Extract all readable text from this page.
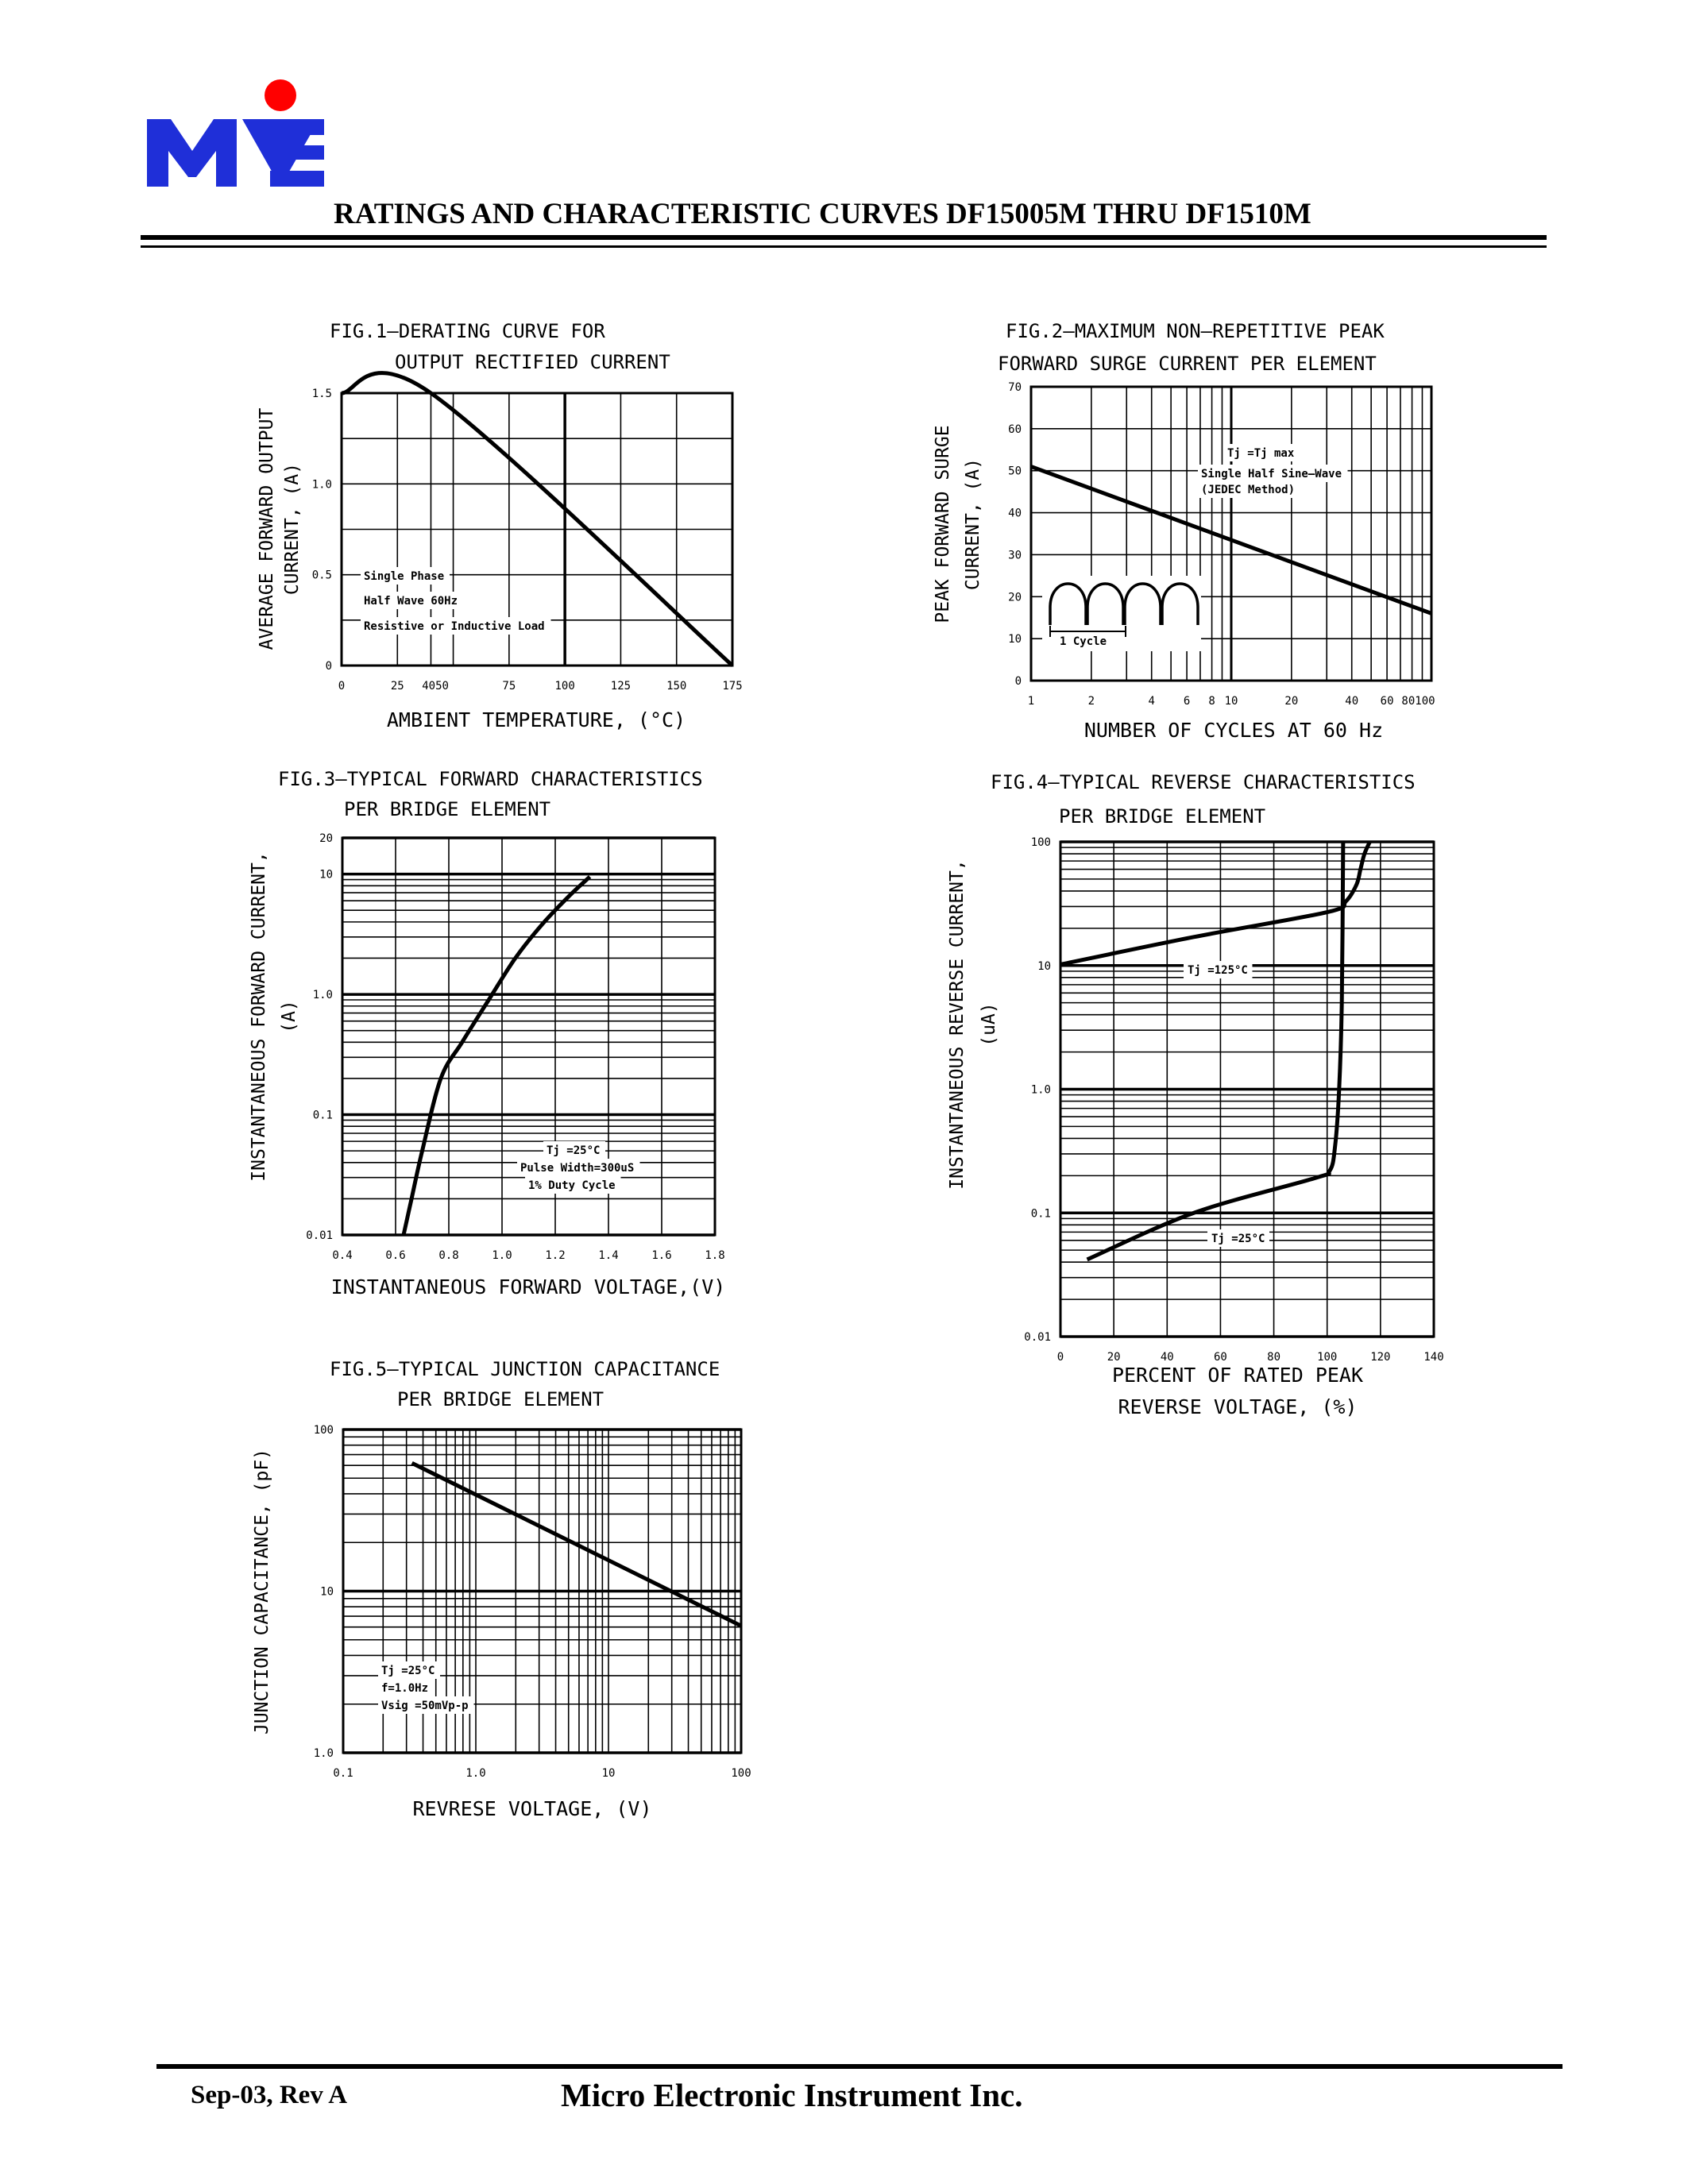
RATINGS AND CHARACTERISTIC CURVES DF15005M THRU DF1510M
0	25 4050	75	100	125	150	175
0
0.5
1.0
1.5
FIG.1—DERATING CURVE FOR
OUTPUT RECTIFIED CURRENT
AMBIENT TEMPERATURE, (°C)
AVERAGE FORWARD OUTPUT CURRENT, (A)	Single Phase
Half Wave 60Hz
Resistive or Inductive Load
1	2	4	6 8 10	20	40 60 80100
0
10
20
30
40
50
60
70
FIG.2—MAXIMUM NON—REPETITIVE PEAK
FORWARD SURGE CURRENT PER ELEMENT
NUMBER OF CYCLES AT 60 Hz
PEAK FORWARD SURGE CURRENT, (A)
Tj =Tj max
Single Half Sine—Wave
(JEDEC Method)
1 Cycle
0.4	0.6	0.8	1.0	1.2	1.4	1.6	1.8
0.01
0.1
1.0
10
20
FIG.3—TYPICAL FORWARD CHARACTERISTICS
PER BRIDGE ELEMENT
INSTANTANEOUS FORWARD VOLTAGE,(V)
INSTANTANEOUS FORWARD CURRENT, (A)
Tj =25°C
Pulse Width=300uS
1% Duty Cycle
0	20	40	60	80	100	120	140
0.01
0.1
1.0
10
100
FIG.4—TYPICAL REVERSE CHARACTERISTICS
PER BRIDGE ELEMENT
PERCENT OF RATED PEAK
REVERSE VOLTAGE, (%)
INSTANTANEOUS REVERSE CURRENT, (uA)
Tj =125°C
Tj =25°C
0.1	1.0	10	100
1.0
10
100
FIG.5—TYPICAL JUNCTION CAPACITANCE
PER BRIDGE ELEMENT
REVRESE VOLTAGE, (V)
JUNCTION CAPACITANCE, (pF)	Tj =25°C
f=1.0Hz
Vsig =50mVp-p
Sep-03, Rev A	Micro Electronic Instrument Inc.
